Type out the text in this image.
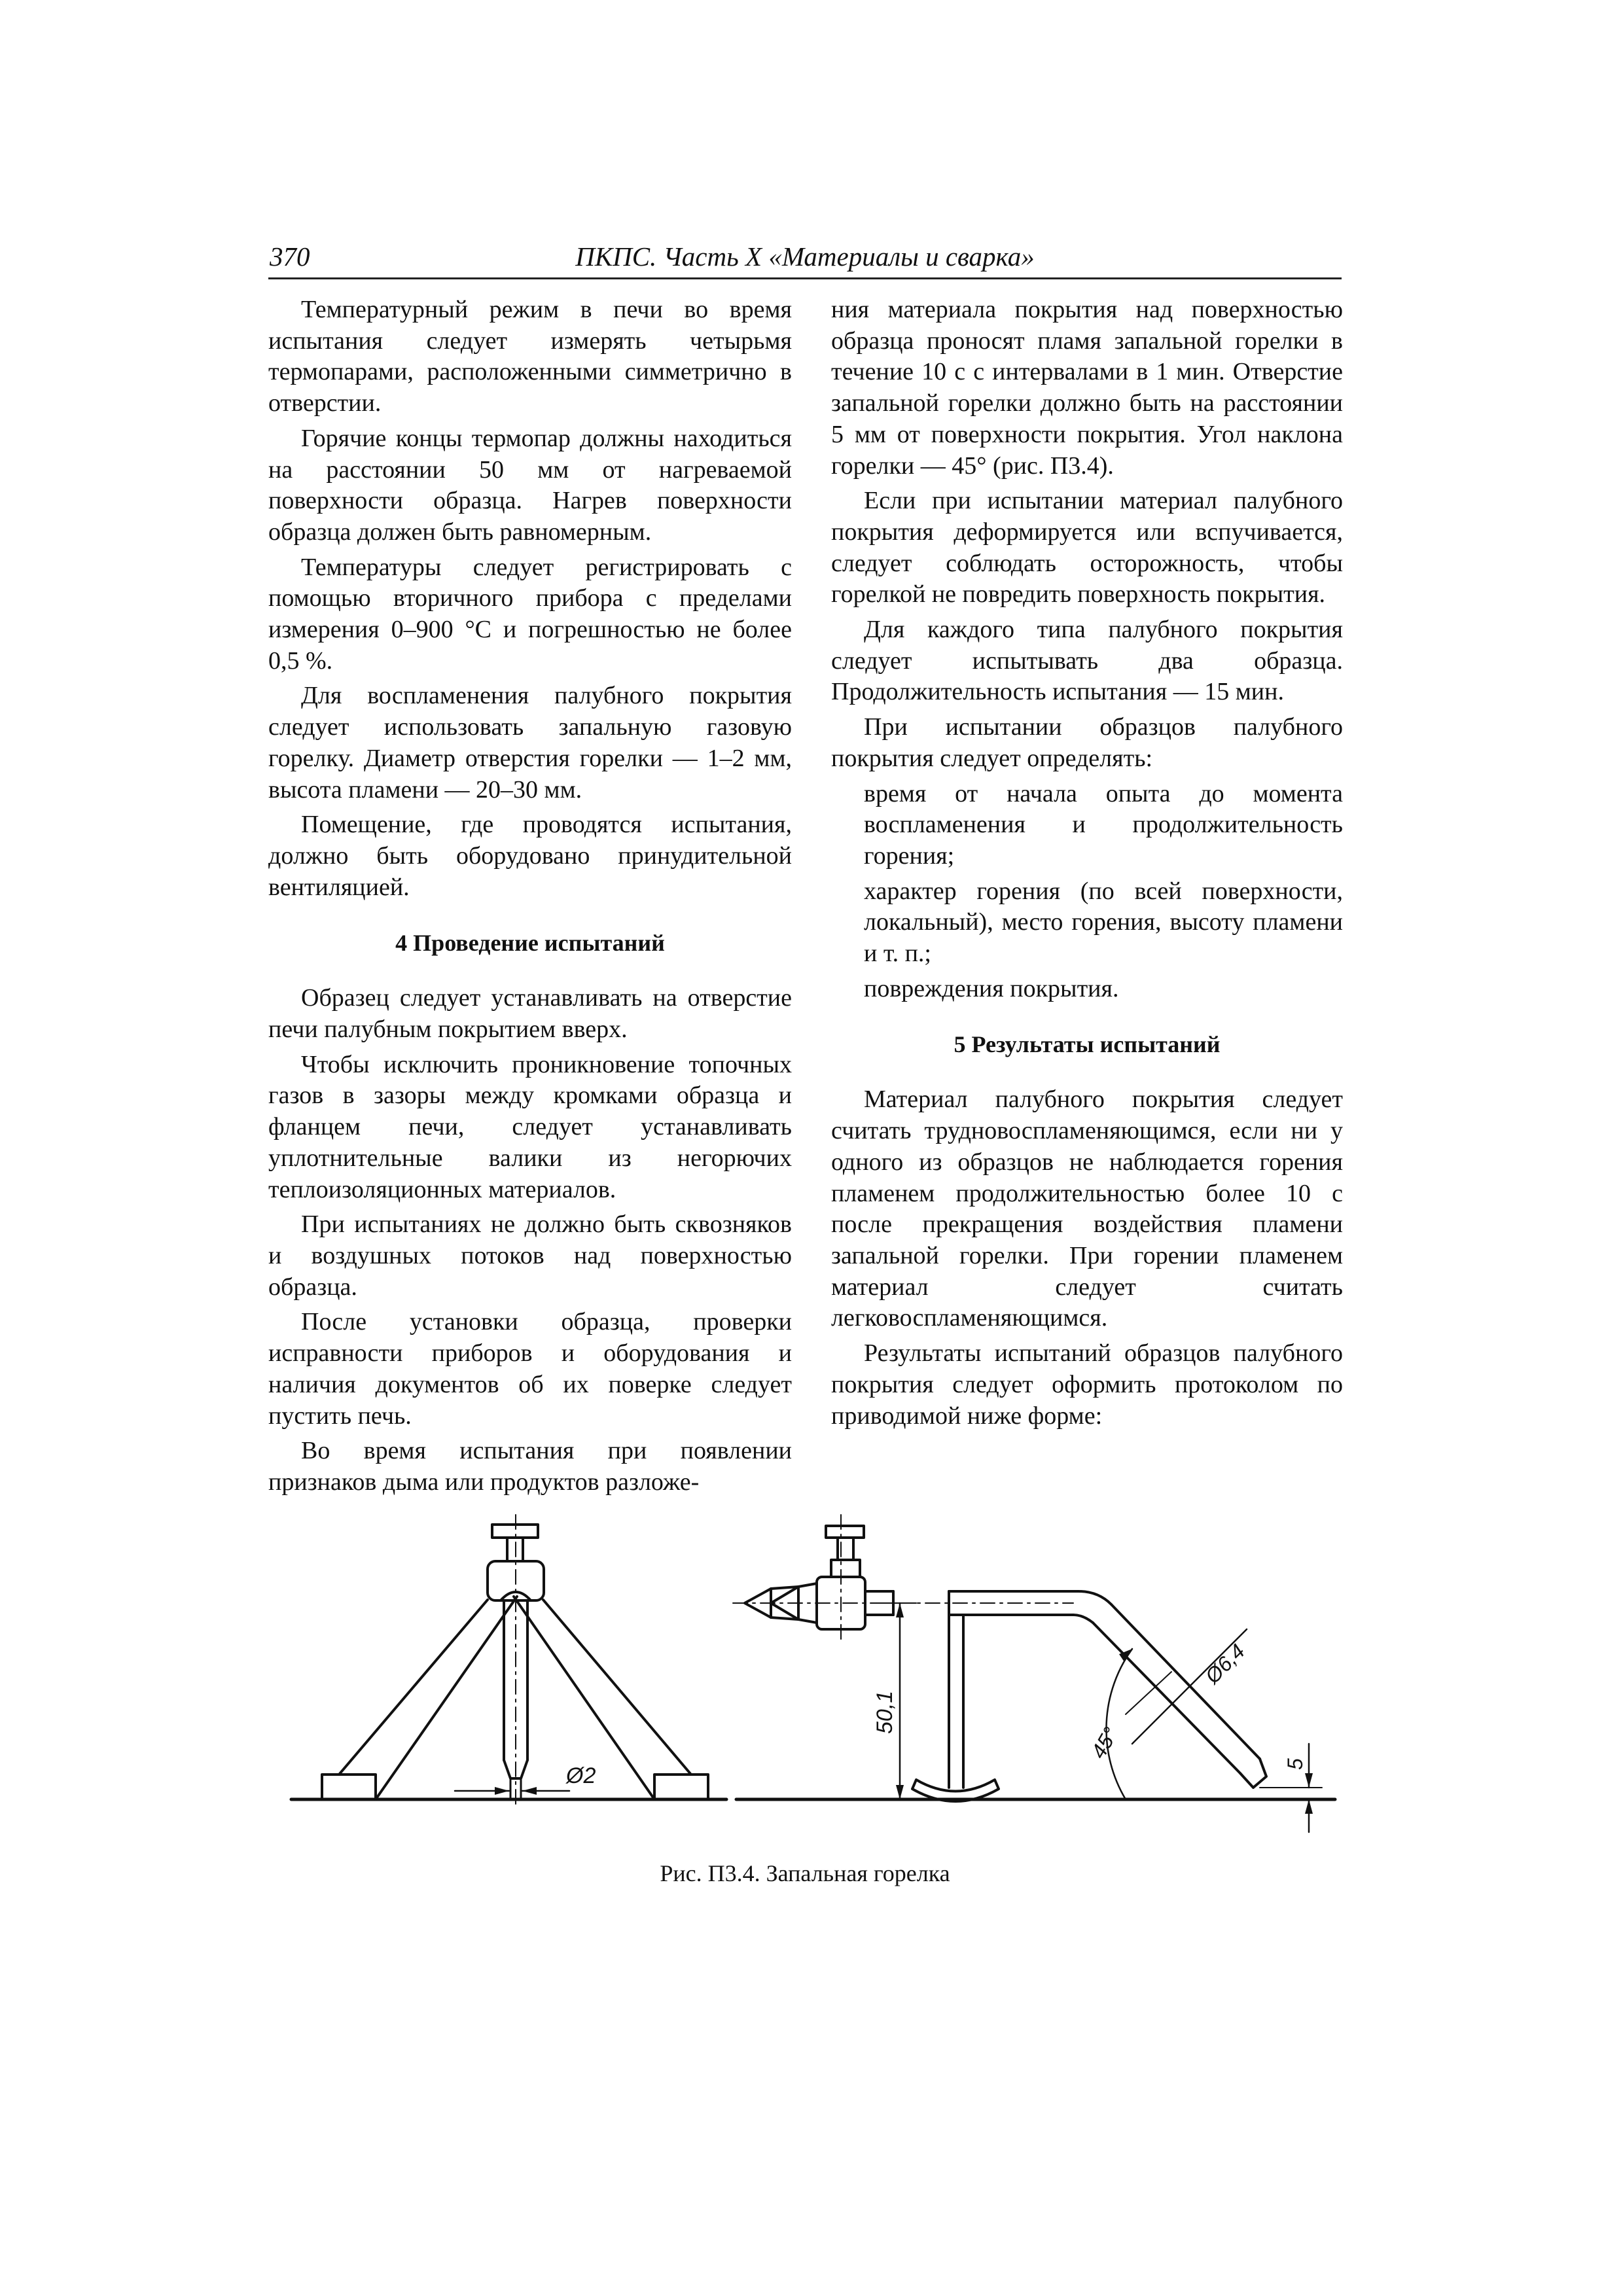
370	ПКПС. Часть X «Материалы и сварка»

Температурный режим в печи во время испытания следует измерять четырьмя термопарами, расположенными симметрично в отверстии.

Горячие концы термопар должны находиться на расстоянии 50 мм от нагреваемой поверхности образца. Нагрев поверхности образца должен быть равномерным.

Температуры следует регистрировать с помощью вторичного прибора с пределами измерения 0–900 °С и погрешностью не более 0,5 %.

Для воспламенения палубного покрытия следует использовать запальную газовую горелку. Диаметр отверстия горелки — 1–2 мм, высота пламени — 20–30 мм.

Помещение, где проводятся испытания, должно быть оборудовано принудительной вентиляцией.

4 Проведение испытаний

Образец следует устанавливать на отверстие печи палубным покрытием вверх.

Чтобы исключить проникновение топочных газов в зазоры между кромками образца и фланцем печи, следует устанавливать уплотнительные валики из негорючих теплоизоляционных материалов.

При испытаниях не должно быть сквозняков и воздушных потоков над поверхностью образца.

После установки образца, проверки исправности приборов и оборудования и наличия документов об их поверке следует пустить печь.

Во время испытания при появлении признаков дыма или продуктов разложе-

ния материала покрытия над поверхностью образца проносят пламя запальной горелки в течение 10 с с интервалами в 1 мин. Отверстие запальной горелки должно быть на расстоянии 5 мм от поверхности покрытия. Угол наклона горелки — 45° (рис. П3.4).

Если при испытании материал палубного покрытия деформируется или вспучивается, следует соблюдать осторожность, чтобы горелкой не повредить поверхность покрытия.

Для каждого типа палубного покрытия следует испытывать два образца. Продолжительность испытания — 15 мин.

При испытании образцов палубного покрытия следует определять:

время от начала опыта до момента воспламенения и продолжительность горения;

характер горения (по всей поверхности, локальный), место горения, высоту пламени и т. п.;

повреждения покрытия.

5 Результаты испытаний

Материал палубного покрытия следует считать трудновоспламеняющимся, если ни у одного из образцов не наблюдается горения пламенем продолжительностью более 10 с после прекращения воздействия пламени запальной горелки. При горении пламенем материал следует считать легковоспламеняющимся.

Результаты испытаний образцов палубного покрытия следует оформить протоколом по приводимой ниже форме:

Ø2
50,1
45°
Ø6,4
5
Рис. П3.4. Запальная горелка
